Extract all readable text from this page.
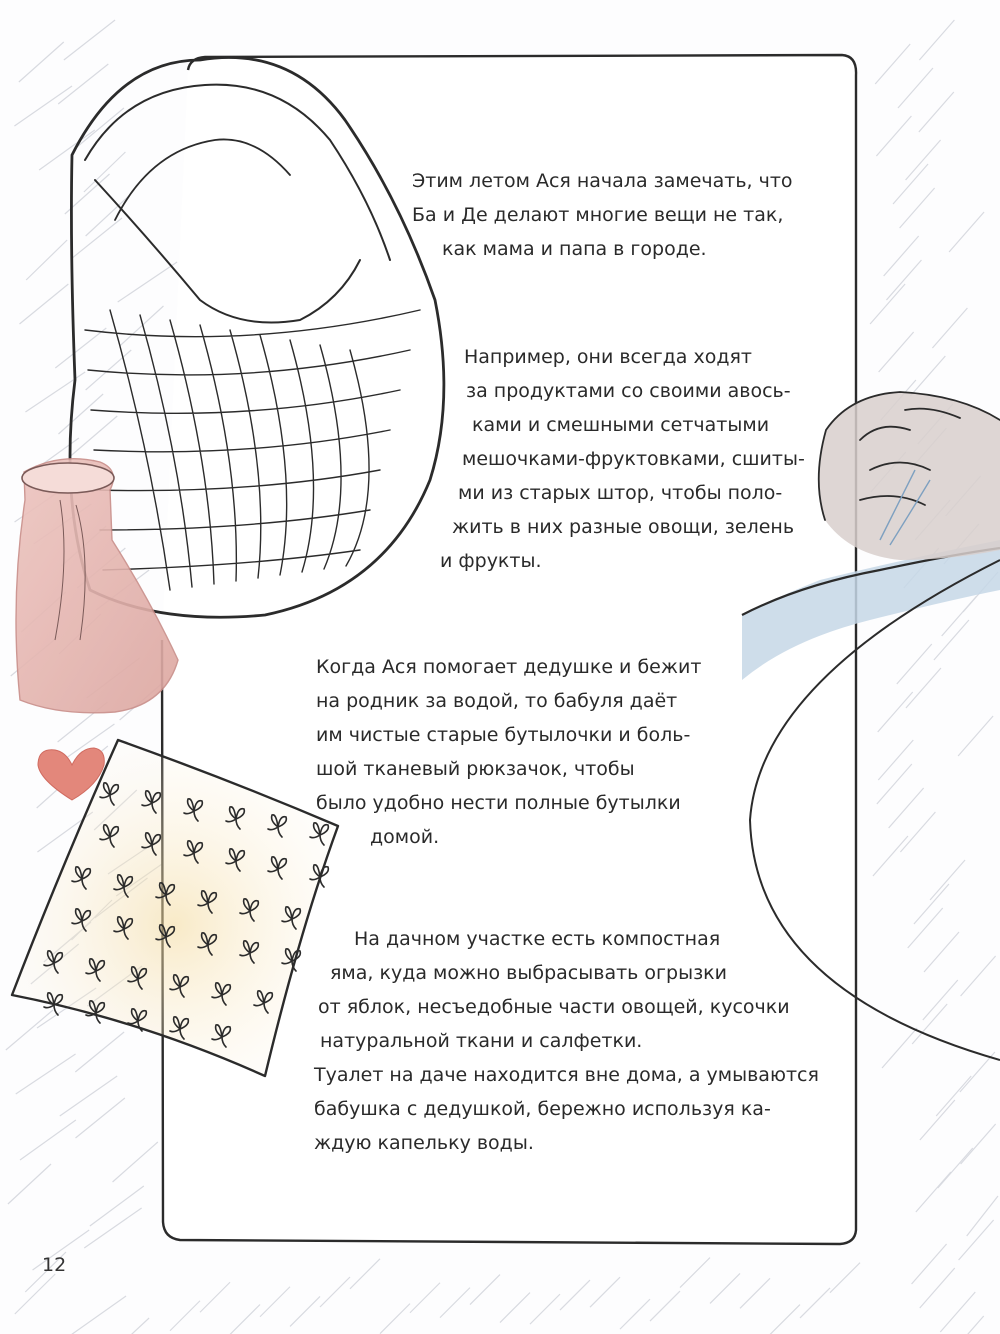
Этим летом Ася начала замечать, что
Ба и Де делают многие вещи не так,
как мама и папа в городе.

Например, они всегда ходят
за продуктами со своими авось-
ками и смешными сетчатыми
мешочками-фруктовками, сшиты-
ми из старых штор, чтобы поло-
жить в них разные овощи, зелень
и фрукты.

Когда Ася помогает дедушке и бежит
на родник за водой, то бабуля даёт
им чистые старые бутылочки и боль-
шой тканевый рюкзачок, чтобы
было удобно нести полные бутылки
домой.

На дачном участке есть компостная
яма, куда можно выбрасывать огрызки
от яблок, несъедобные части овощей, кусочки
натуральной ткани и салфетки.
Туалет на даче находится вне дома, а умываются
бабушка с дедушкой, бережно используя ка-
ждую капельку воды.

12
